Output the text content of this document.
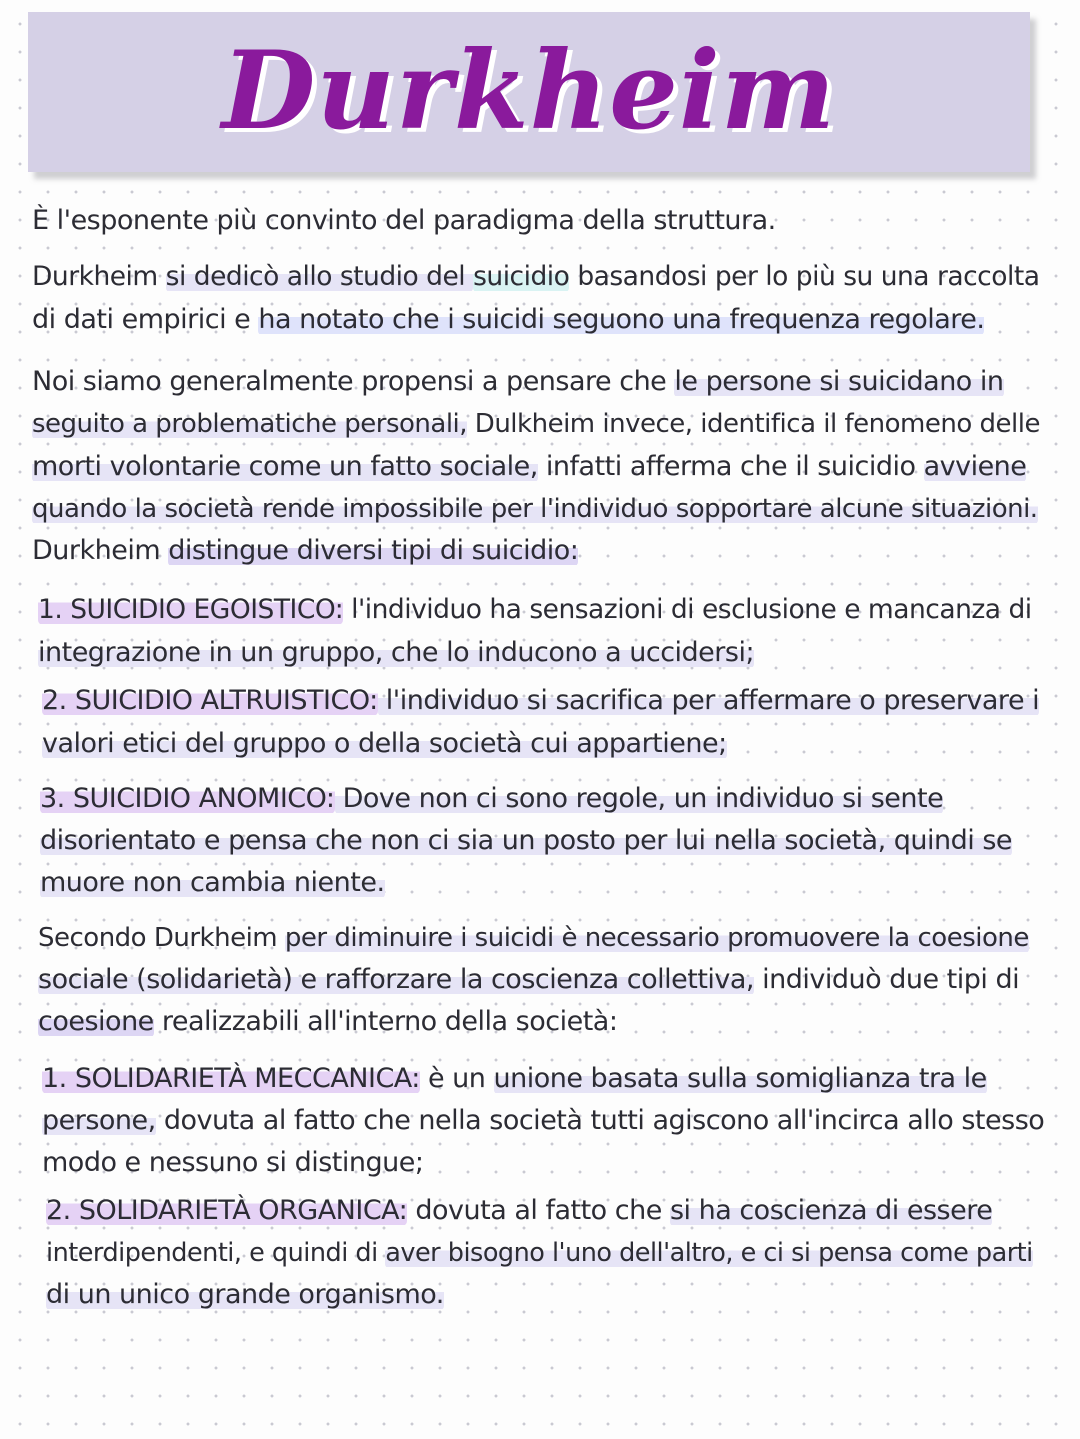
Durkheim

È l'esponente più convinto del paradigma della struttura.

Durkheim si dedicò allo studio del suicidio basandosi per lo più su una raccolta

di dati empirici e ha notato che i suicidi seguono una frequenza regolare.

Noi siamo generalmente propensi a pensare che le persone si suicidano in

seguito a problematiche personali, Dulkheim invece, identifica il fenomeno delle

morti volontarie come un fatto sociale, infatti afferma che il suicidio avviene

quando la società rende impossibile per l'individuo sopportare alcune situazioni.

Durkheim distingue diversi tipi di suicidio:

1. SUICIDIO EGOISTICO: l'individuo ha sensazioni di esclusione e mancanza di

integrazione in un gruppo, che lo inducono a uccidersi;

2. SUICIDIO ALTRUISTICO: l'individuo si sacrifica per affermare o preservare i

valori etici del gruppo o della società cui appartiene;

3. SUICIDIO ANOMICO: Dove non ci sono regole, un individuo si sente

disorientato e pensa che non ci sia un posto per lui nella società, quindi se

muore non cambia niente.

Secondo Durkheim per diminuire i suicidi è necessario promuovere la coesione

sociale (solidarietà) e rafforzare la coscienza collettiva, individuò due tipi di

coesione realizzabili all'interno della società:

1. SOLIDARIETÀ MECCANICA: è un unione basata sulla somiglianza tra le

persone, dovuta al fatto che nella società tutti agiscono all'incirca allo stesso

modo e nessuno si distingue;

2. SOLIDARIETÀ ORGANICA: dovuta al fatto che si ha coscienza di essere

interdipendenti, e quindi di aver bisogno l'uno dell'altro, e ci si pensa come parti

di un unico grande organismo.
